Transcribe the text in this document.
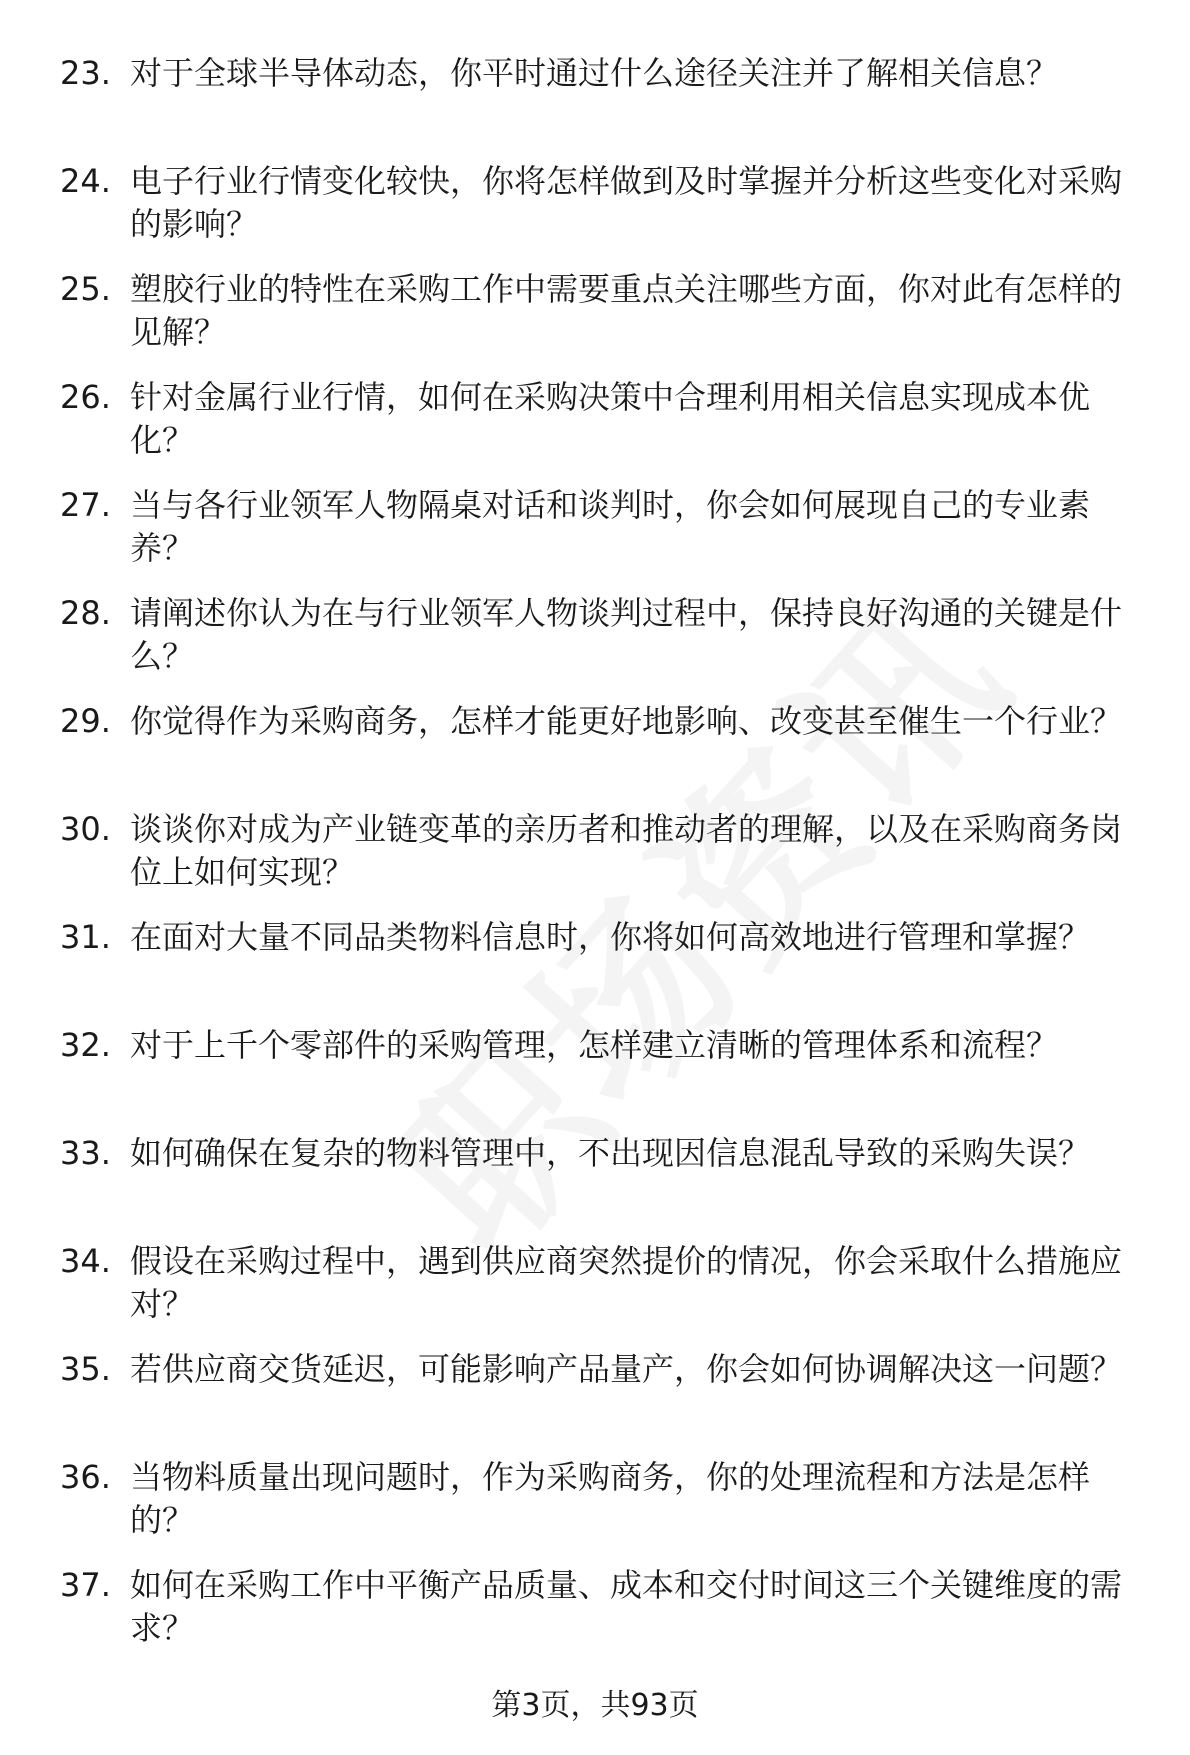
23. 对于全球半导体动态，你平时通过什么途径关注并了解相关信息？
24. 电子行业行情变化较快，你将怎样做到及时掌握并分析这些变化对采购的影响？
25. 塑胶行业的特性在采购工作中需要重点关注哪些方面，你对此有怎样的见解？
26. 针对金属行业行情，如何在采购决策中合理利用相关信息实现成本优化？
27. 当与各行业领军人物隔桌对话和谈判时，你会如何展现自己的专业素养？
28. 请阐述你认为在与行业领军人物谈判过程中，保持良好沟通的关键是什么？
29. 你觉得作为采购商务，怎样才能更好地影响、改变甚至催生一个行业？
30. 谈谈你对成为产业链变革的亲历者和推动者的理解，以及在采购商务岗位上如何实现？
31. 在面对大量不同品类物料信息时，你将如何高效地进行管理和掌握？
32. 对于上千个零部件的采购管理，怎样建立清晰的管理体系和流程？
33. 如何确保在复杂的物料管理中，不出现因信息混乱导致的采购失误？
34. 假设在采购过程中，遇到供应商突然提价的情况，你会采取什么措施应对？
35. 若供应商交货延迟，可能影响产品量产，你会如何协调解决这一问题？
36. 当物料质量出现问题时，作为采购商务，你的处理流程和方法是怎样的？
37. 如何在采购工作中平衡产品质量、成本和交付时间这三个关键维度的需求？
第3页，共93页
